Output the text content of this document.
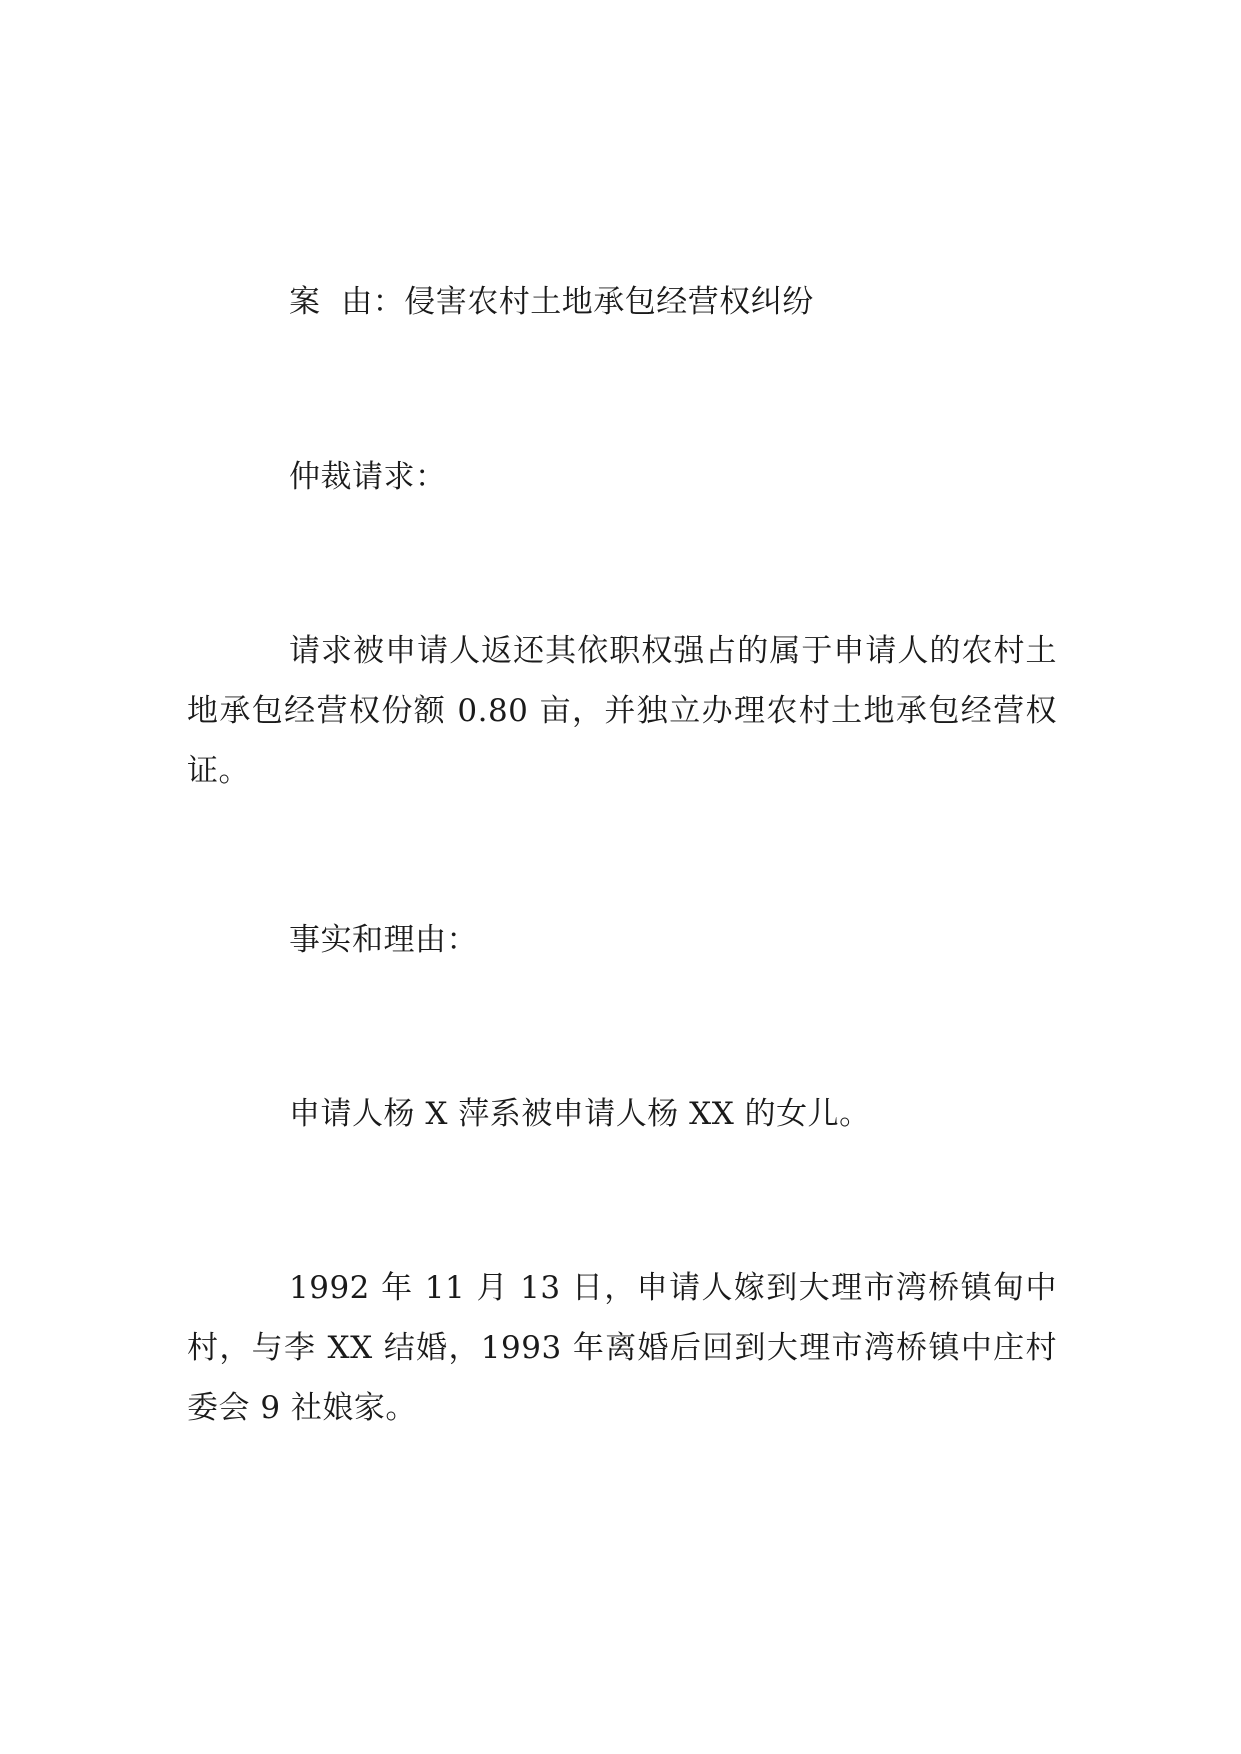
案  由：侵害农村土地承包经营权纠纷

仲裁请求：

请求被申请人返还其依职权强占的属于申请人的农村土地承包经营权份额 0.80 亩，并独立办理农村土地承包经营权证。

事实和理由：

申请人杨 X 萍系被申请人杨 XX 的女儿。

1992 年 11 月 13 日，申请人嫁到大理市湾桥镇甸中村，与李 XX 结婚，1993 年离婚后回到大理市湾桥镇中庄村委会 9 社娘家。
